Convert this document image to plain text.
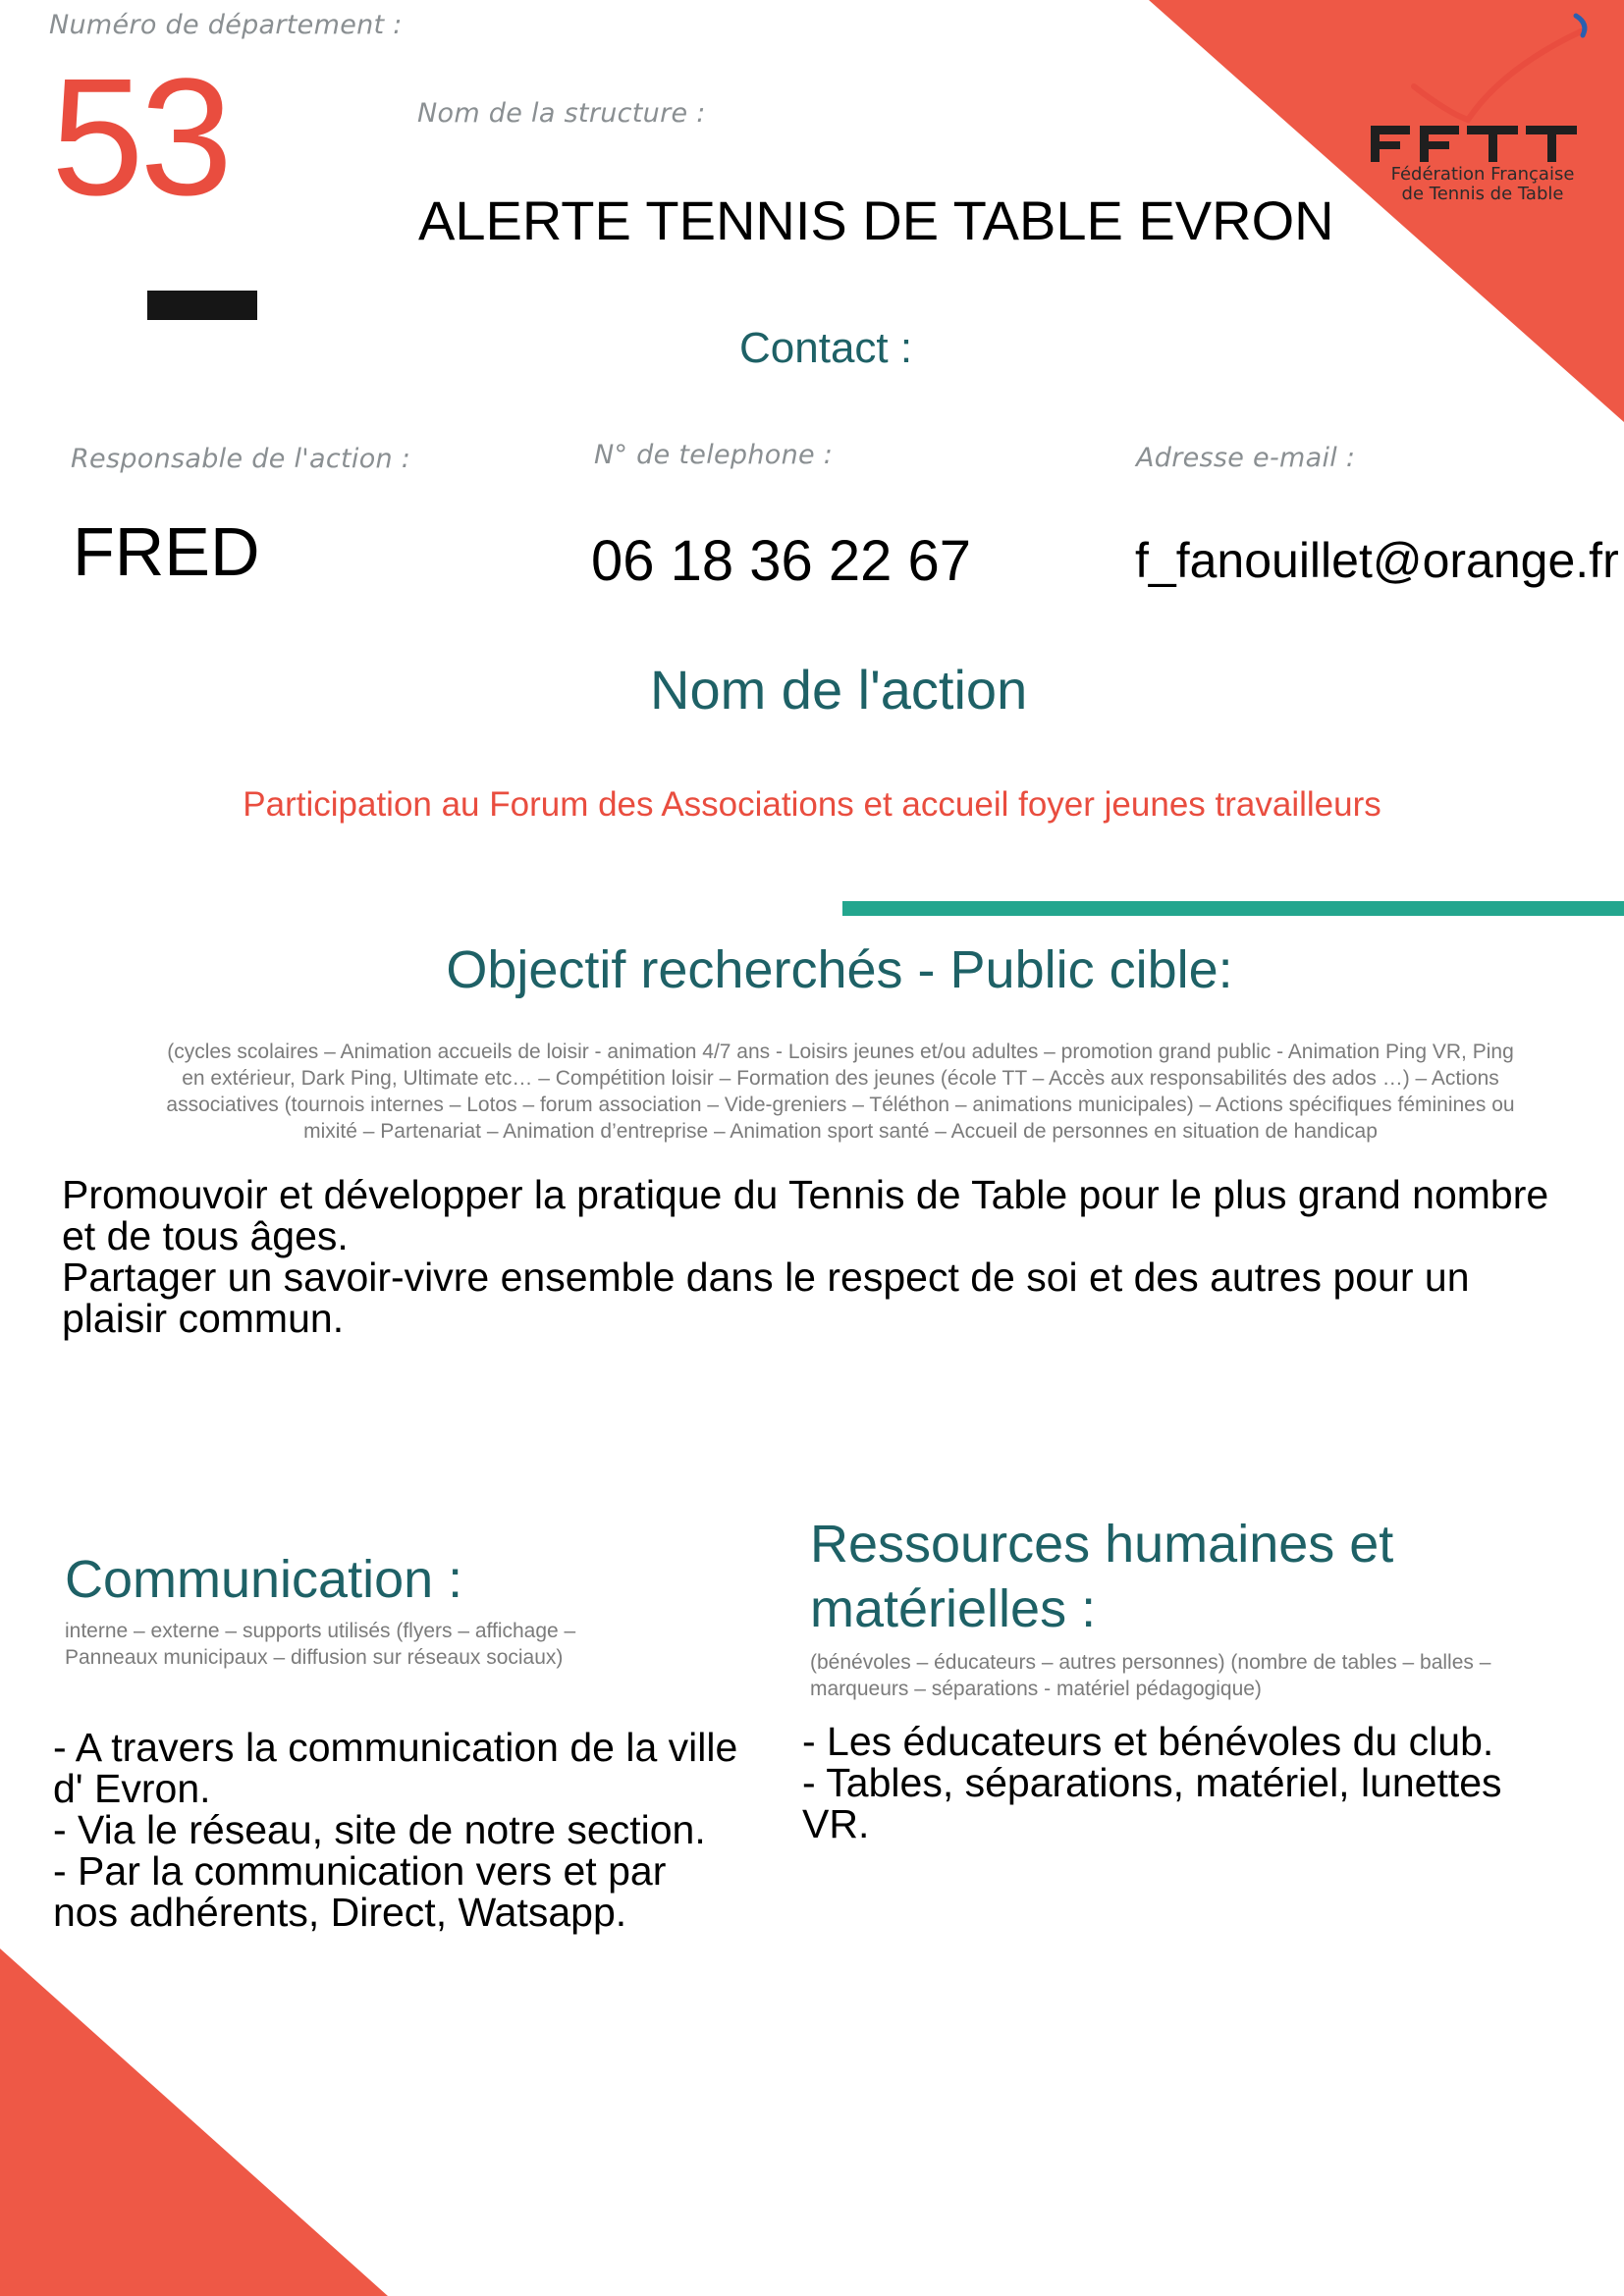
Fédération Française
de Tennis de Table
Numéro de département :
53	Nom de la structure :
ALERTE TENNIS DE TABLE EVRON
Contact :
Responsable de l'action :	N° de telephone :	Adresse e-mail :
FRED	06 18 36 22 67	f_fanouillet@orange.fr
Nom de l'action
Participation au Forum des Associations et accueil foyer jeunes travailleurs
Objectif recherchés - Public cible:
(cycles scolaires – Animation accueils de loisir - animation 4/7 ans - Loisirs jeunes et/ou adultes – promotion grand public - Animation Ping VR, Ping en extérieur, Dark Ping, Ultimate etc… – Compétition loisir – Formation des jeunes (école TT – Accès aux responsabilités des ados …) – Actions associatives (tournois internes – Lotos – forum association – Vide-greniers – Téléthon – animations municipales) – Actions spécifiques féminines ou mixité – Partenariat – Animation d’entreprise – Animation sport santé – Accueil de personnes en situation de handicap
Promouvoir et développer la pratique du Tennis de Table pour le plus grand nombre et de tous âges.
Partager un savoir-vivre ensemble dans le respect de soi et des autres pour un plaisir commun.
Communication :
interne – externe – supports utilisés (flyers – affichage – Panneaux municipaux – diffusion sur réseaux sociaux)
- A travers la communication de la ville d' Evron.
- Via le réseau, site de notre section.
- Par la communication vers et par nos adhérents, Direct, Watsapp.
Ressources humaines et matérielles :
(bénévoles – éducateurs – autres personnes) (nombre de tables – balles – marqueurs – séparations - matériel pédagogique)
- Les éducateurs et bénévoles du club.
- Tables, séparations, matériel, lunettes VR.
